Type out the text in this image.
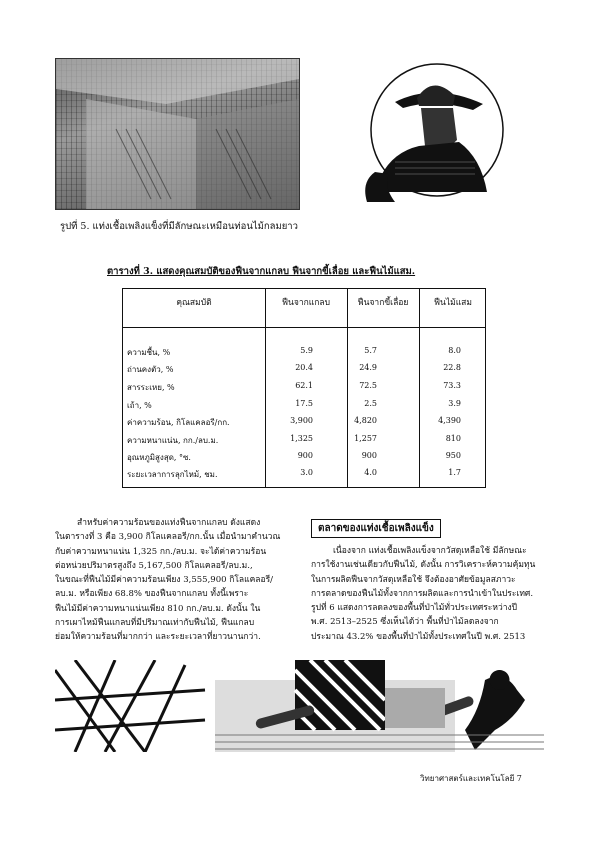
รูปที่ 5. แท่งเชื้อเพลิงแข็งที่มีลักษณะเหมือนท่อนไม้กลมยาว
ตารางที่ 3. แสดงคุณสมบัติของฟืนจากแกลบ ฟืนจากขี้เลื่อย และฟืนไม้แสม.
คุณสมบัติ	ฟืนจากแกลบ	ฟืนจากขี้เลื่อย	ฟืนไม้แสม
ความชื้น, %	5.9	5.7	8.0
ถ่านคงตัว, %	20.4	24.9	22.8
สารระเหย, %	62.1	72.5	73.3
เถ้า, %	17.5	2.5	3.9
ค่าความร้อน, กิโลแคลอรี/กก.	3,900	4,820	4,390
ความหนาแน่น, กก./ลบ.ม.	1,325	1,257	810
อุณหภูมิสูงสุด, °ซ.	900	900	950
ระยะเวลาการลุกไหม้, ชม.	3.0	4.0	1.7
สำหรับค่าความร้อนของแท่งฟืนจากแกลบ ดังแสดง
ในตารางที่ 3 คือ 3,900 กิโลแคลอรี/กก.นั้น เมื่อนำมาคำนวณ
กับค่าความหนาแน่น 1,325 กก./ลบ.ม. จะได้ค่าความร้อน
ต่อหน่วยปริมาตรสูงถึง 5,167,500 กิโลแคลอรี/ลบ.ม.,
ในขณะที่ฟืนไม้มีค่าความร้อนเพียง 3,555,900 กิโลแคลอรี/
ลบ.ม. หรือเพียง 68.8% ของฟืนจากแกลบ ทั้งนี้เพราะ
ฟืนไม้มีค่าความหนาแน่นเพียง 810 กก./ลบ.ม. ดังนั้น ใน
การเผาไหม้ฟืนแกลบที่มีปริมาณเท่ากับฟืนไม้, ฟืนแกลบ
ย่อมให้ความร้อนที่มากกว่า และระยะเวลาที่ยาวนานกว่า.
ตลาดของแท่งเชื้อเพลิงแข็ง
เนื่องจาก แท่งเชื้อเพลิงแข็งจากวัสดุเหลือใช้ มีลักษณะ
การใช้งานเช่นเดียวกับฟืนไม้, ดังนั้น การวิเคราะห์ความคุ้มทุน
ในการผลิตฟืนจากวัสดุเหลือใช้ จึงต้องอาศัยข้อมูลสภาวะ
การตลาดของฟืนไม้ทั้งจากการผลิตและการนำเข้าในประเทศ.
รูปที่ 6 แสดงการลดลงของพื้นที่ป่าไม้ทั่วประเทศระหว่างปี
พ.ศ. 2513–2525 ซึ่งเห็นได้ว่า พื้นที่ป่าไม้ลดลงจาก
ประมาณ 43.2% ของพื้นที่ป่าไม้ทั้งประเทศในปี พ.ศ. 2513
วิทยาศาสตร์และเทคโนโลยี 7
